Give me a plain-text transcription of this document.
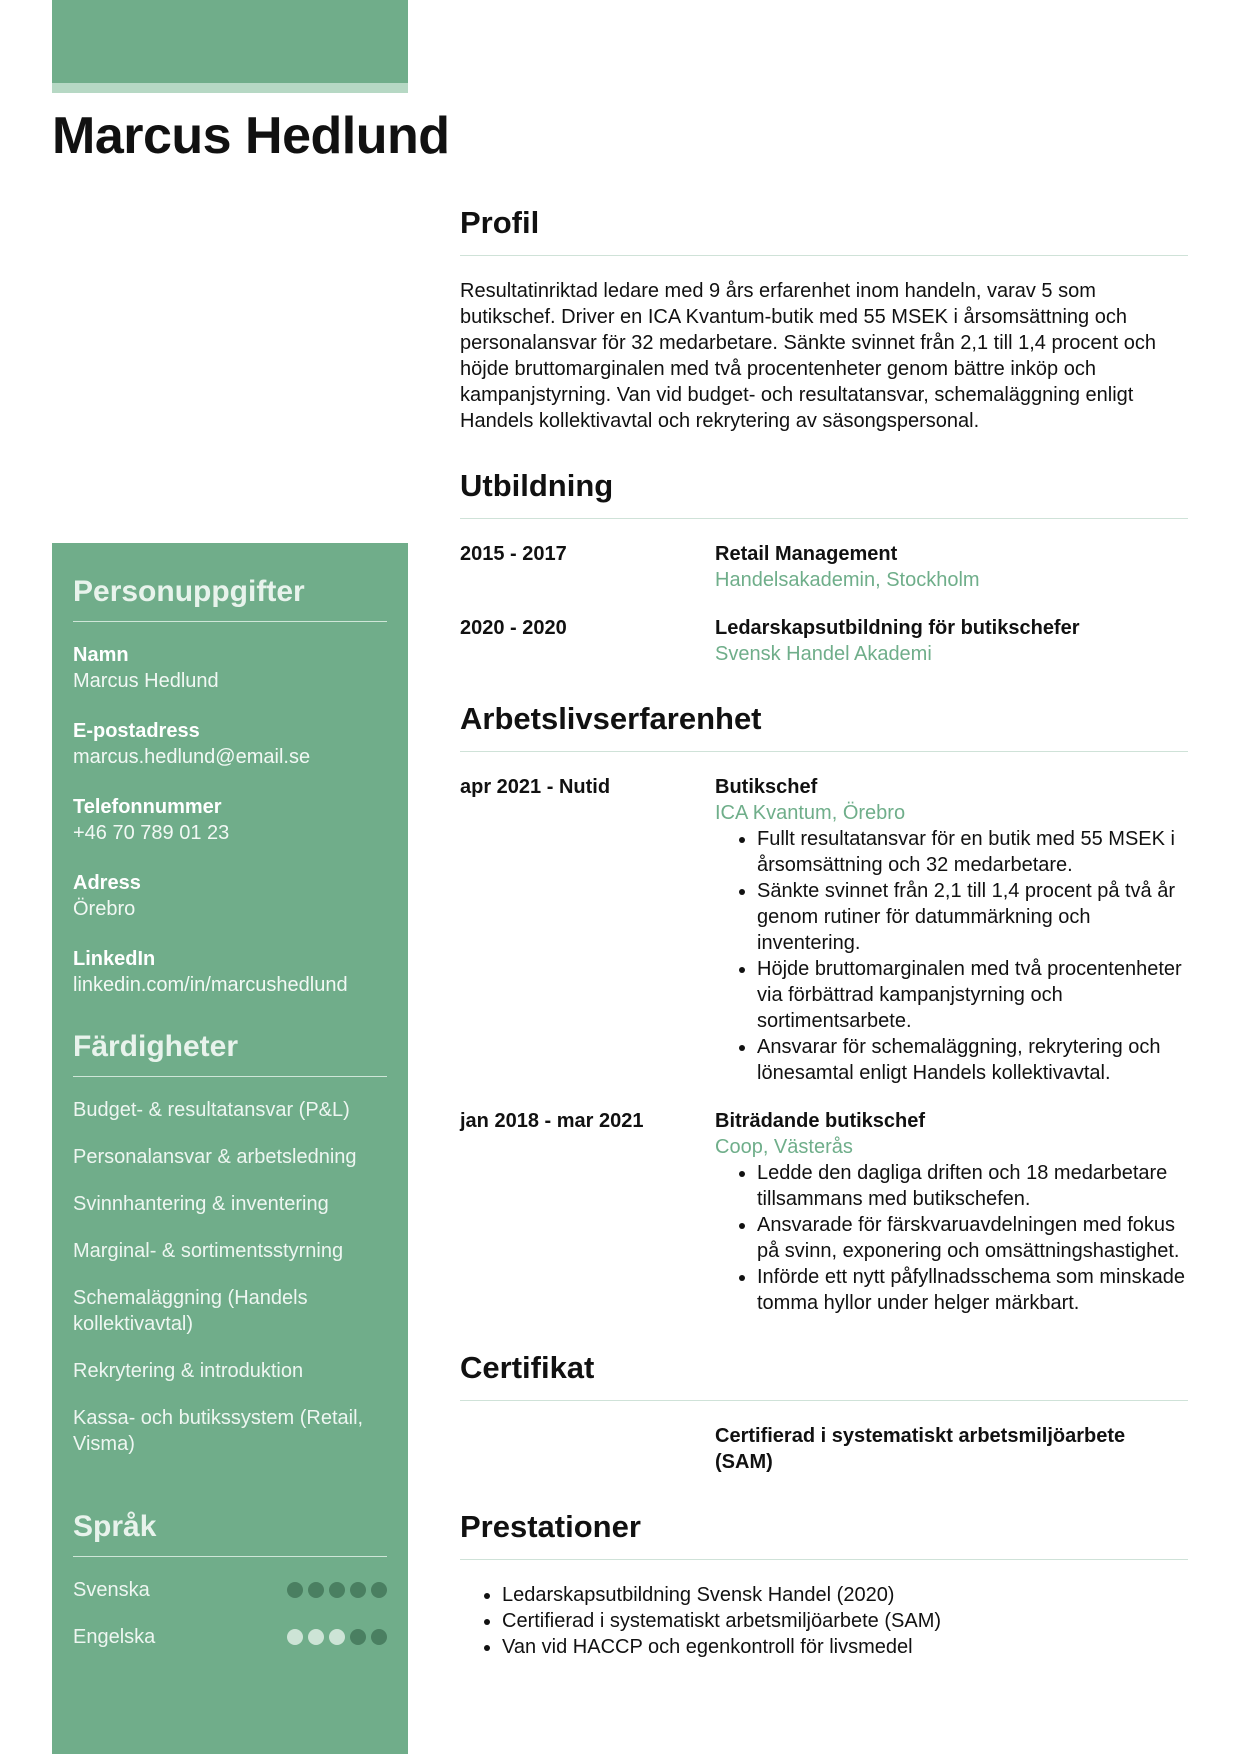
Marcus Hedlund
Personuppgifter
Namn
Marcus Hedlund
E-postadress
marcus.hedlund@email.se
Telefonnummer
+46 70 789 01 23
Adress
Örebro
LinkedIn
linkedin.com/in/marcushedlund
Färdigheter
Budget- & resultatansvar (P&L)
Personalansvar & arbetsledning
Svinnhantering & inventering
Marginal- & sortimentsstyrning
Schemaläggning (Handels kollektivavtal)
Rekrytering & introduktion
Kassa- och butikssystem (Retail, Visma)
Språk
Svenska
Engelska
Profil

Resultatinriktad ledare med 9 års erfarenhet inom handeln, varav 5 som butikschef. Driver en ICA Kvantum-butik med 55 MSEK i årsomsättning och personalansvar för 32 medarbetare. Sänkte svinnet från 2,1 till 1,4 procent och höjde bruttomarginalen med två procentenheter genom bättre inköp och kampanjstyrning. Van vid budget- och resultatansvar, schemaläggning enligt Handels kollektivavtal och rekrytering av säsongspersonal.

Utbildning
2015 - 2017	Retail Management
Handelsakademin, Stockholm
2020 - 2020	Ledarskapsutbildning för butikschefer
Svensk Handel Akademi
Arbetslivserfarenhet
apr 2021 - Nutid	Butikschef
ICA Kvantum, Örebro
• Fullt resultatansvar för en butik med 55 MSEK i årsomsättning och 32 medarbetare.
• Sänkte svinnet från 2,1 till 1,4 procent på två år genom rutiner för datummärkning och inventering.
• Höjde bruttomarginalen med två procentenheter via förbättrad kampanjstyrning och sortimentsarbete.
• Ansvarar för schemaläggning, rekrytering och lönesamtal enligt Handels kollektivavtal.
jan 2018 - mar 2021	Biträdande butikschef
Coop, Västerås
• Ledde den dagliga driften och 18 medarbetare tillsammans med butikschefen.
• Ansvarade för färskvaruavdelningen med fokus på svinn, exponering och omsättningshastighet.
• Införde ett nytt påfyllnadsschema som minskade tomma hyllor under helger märkbart.
Certifikat
Certifierad i systematiskt arbetsmiljöarbete (SAM)
Prestationer
• Ledarskapsutbildning Svensk Handel (2020)
• Certifierad i systematiskt arbetsmiljöarbete (SAM)
• Van vid HACCP och egenkontroll för livsmedel
